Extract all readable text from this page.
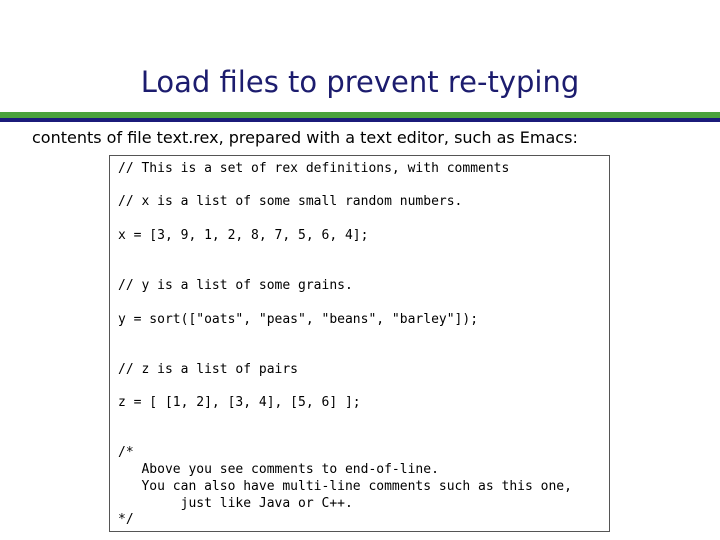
Load files to prevent re-typing
contents of file text.rex, prepared with a text editor, such as Emacs:
// This is a set of rex definitions, with comments
// x is a list of some small random numbers.
x = [3, 9, 1, 2, 8, 7, 5, 6, 4];
// y is a list of some grains.
y = sort(["oats", "peas", "beans", "barley"]);
// z is a list of pairs
z = [ [1, 2], [3, 4], [5, 6] ];
/*
Above you see comments to end-of-line.
You can also have multi-line comments such as this one,
just like Java or C++.
*/
